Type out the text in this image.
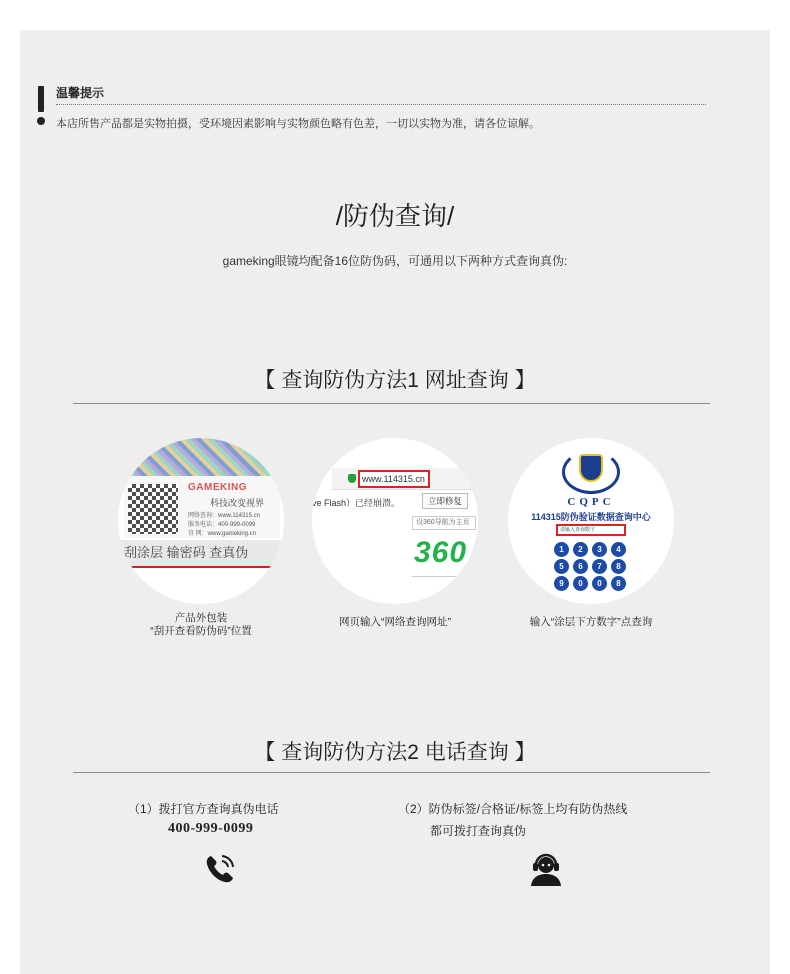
温馨提示
本店所售产品都是实物拍摄，受环境因素影响与实物颜色略有色差，一切以实物为准，请各位谅解。
/防伪查询/
gameking眼镜均配备16位防伪码，可通用以下两种方式查询真伪:
【 查询防伪方法1 网址查询 】
GAMEKING
科技改变视界
网络查询：www.114315.cn
服务电话：400-999-0099
官 网：www.gameking.cn
刮涂层 输密码 查真伪
产品外包装
“刮开查看防伪码”位置
www.114315.cn
ve Flash）已经崩溃。	立即修复
设360导航为主页
360
网页输入“网络查询网址”
CQPC
114315防伪验证数据查询中心
请输入查询数字
1	2	3	4
5	6	7	8
9	0	0	8
输入“涂层下方数字”点查询
【 查询防伪方法2 电话查询 】
（1）拨打官方查询真伪电话
400-999-0099
（2）防伪标签/合格证/标签上均有防伪热线
都可拨打查询真伪
